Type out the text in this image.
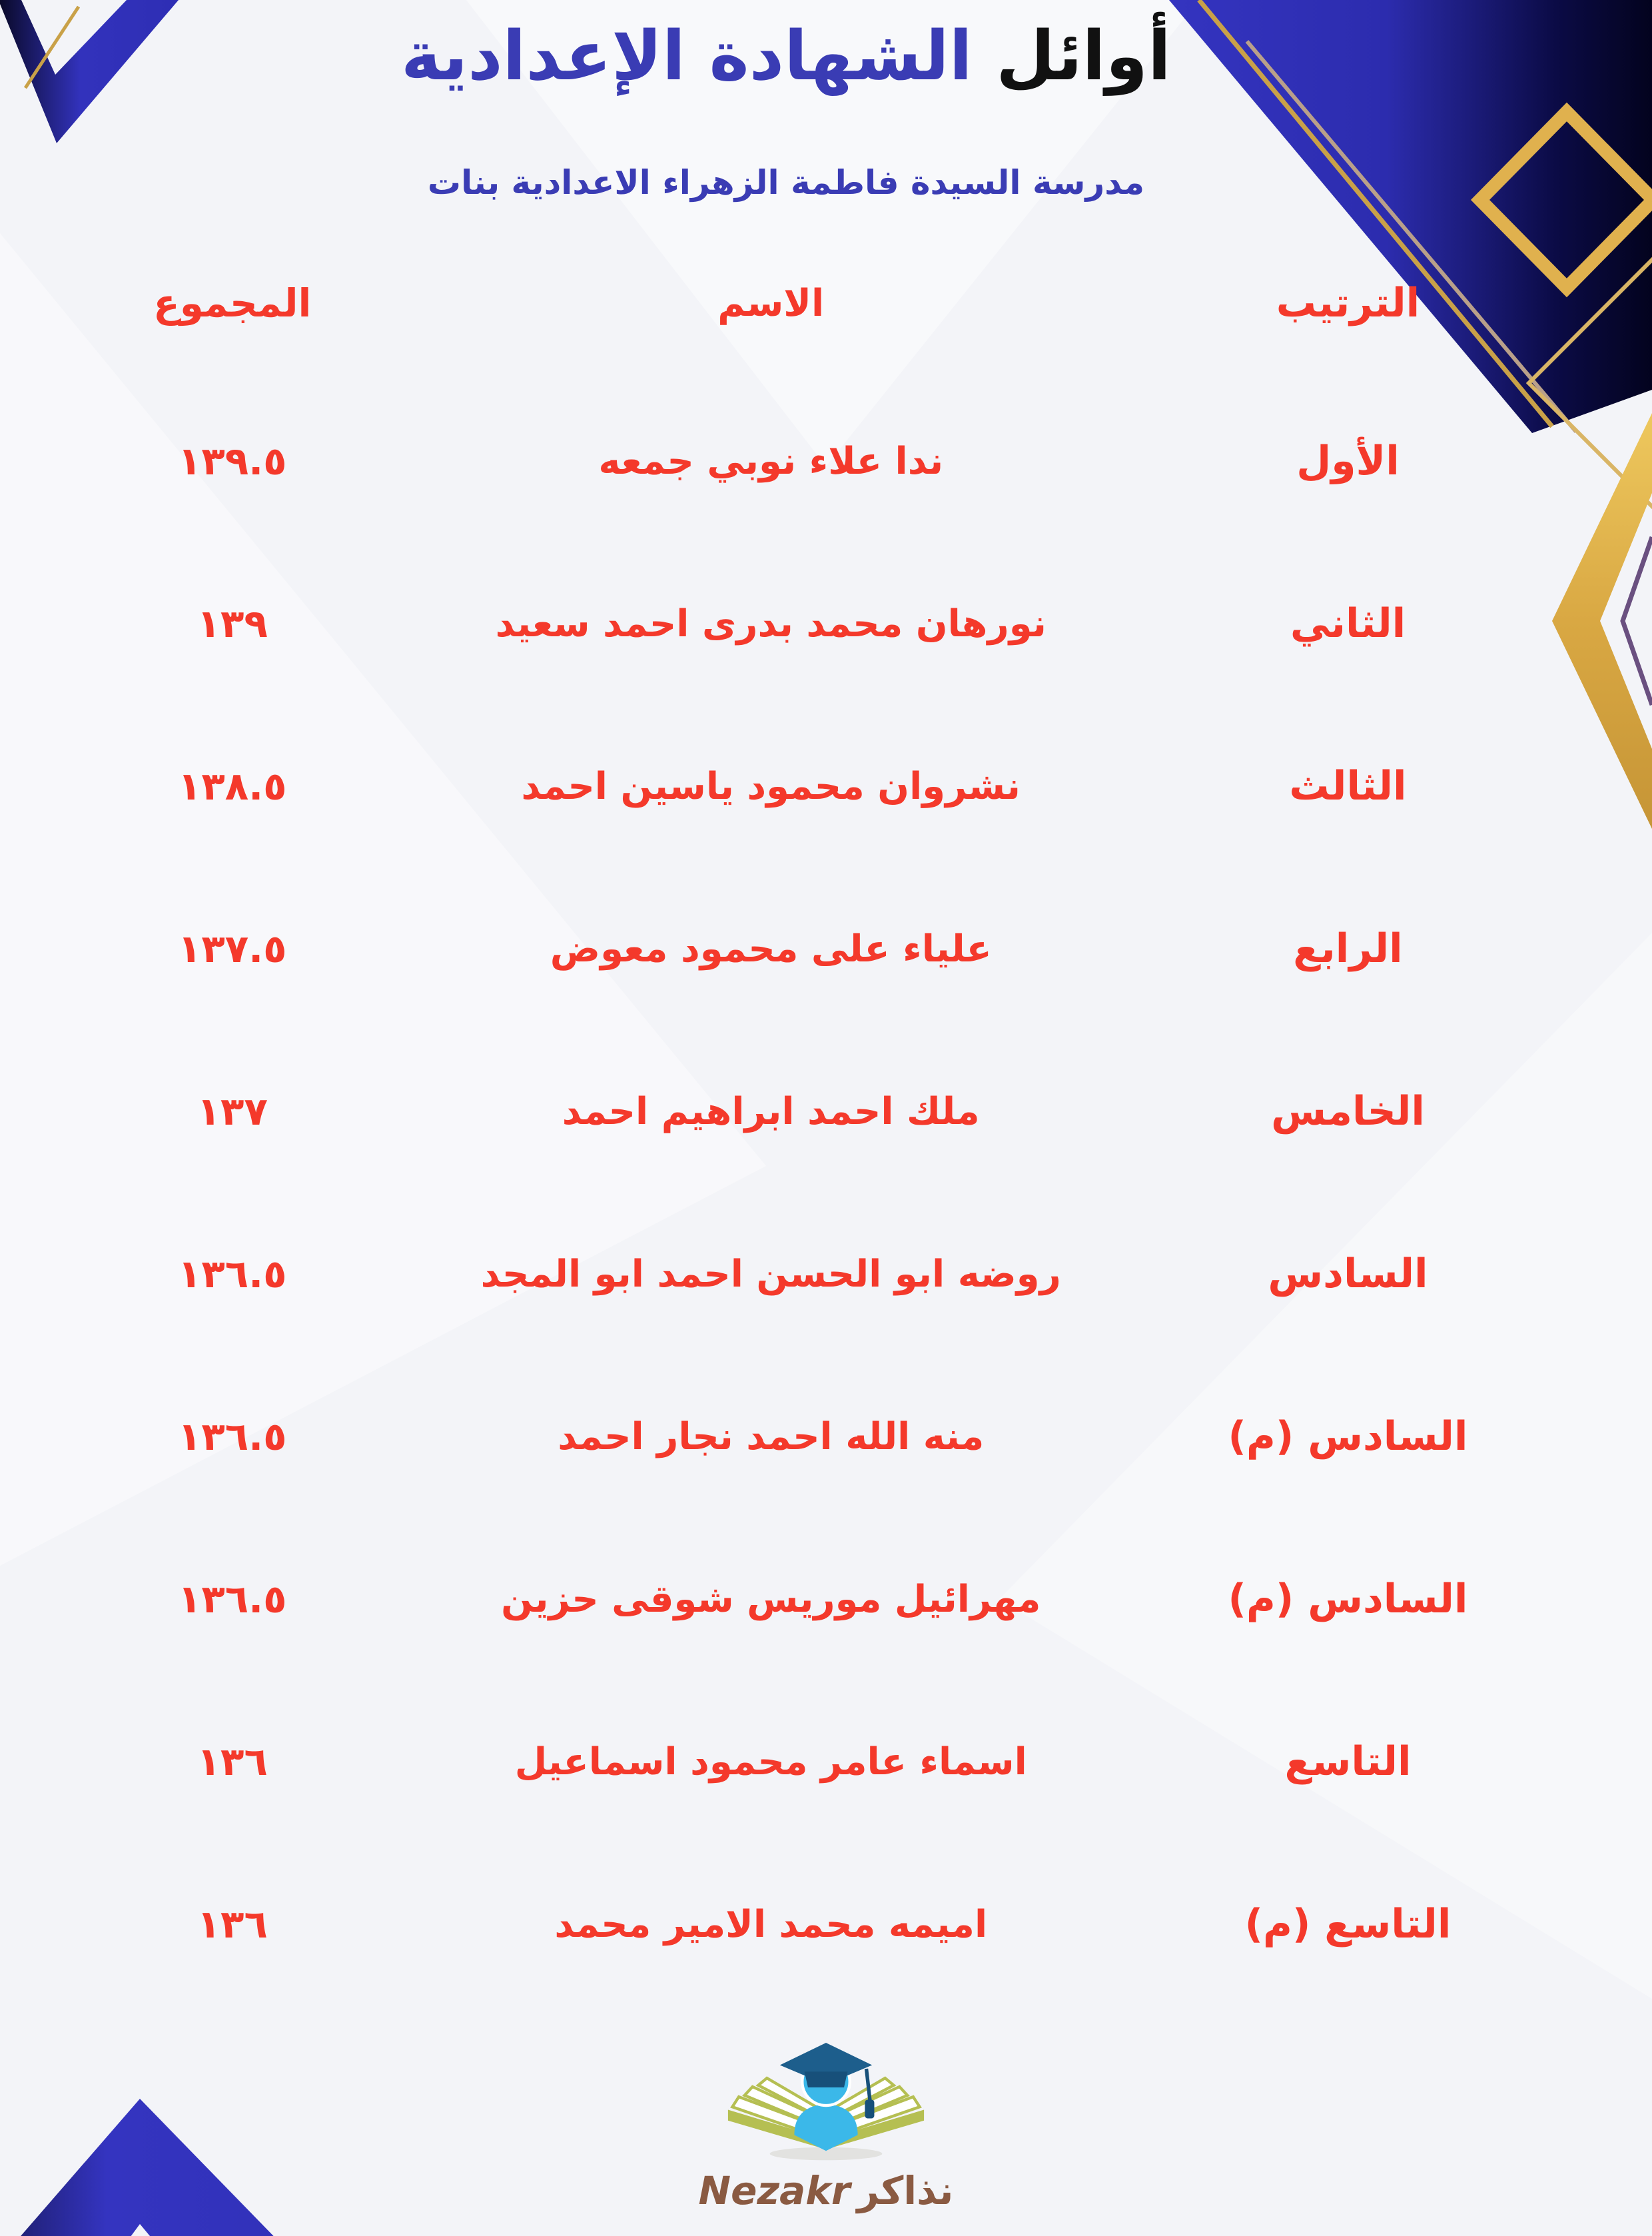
أوائل الشهادة الإعدادية
مدرسة السيدة فاطمة الزهراء الاعدادية بنات
الترتيب
الاسم
المجموع
الأول
ندا علاء نوبي جمعه
١٣٩.٥
الثاني
نورهان محمد بدرى احمد سعيد
١٣٩
الثالث
نشروان محمود ياسين احمد
١٣٨.٥
الرابع
علياء على محمود معوض
١٣٧.٥
الخامس
ملك احمد ابراهيم احمد
١٣٧
السادس
روضه ابو الحسن احمد ابو المجد
١٣٦.٥
السادس (م)
منه الله احمد نجار احمد
١٣٦.٥
السادس (م)
مهرائيل موريس شوقى حزين
١٣٦.٥
التاسع
اسماء عامر محمود اسماعيل
١٣٦
التاسع (م)
اميمه محمد الامير محمد
١٣٦
Nezakr نذاكر
